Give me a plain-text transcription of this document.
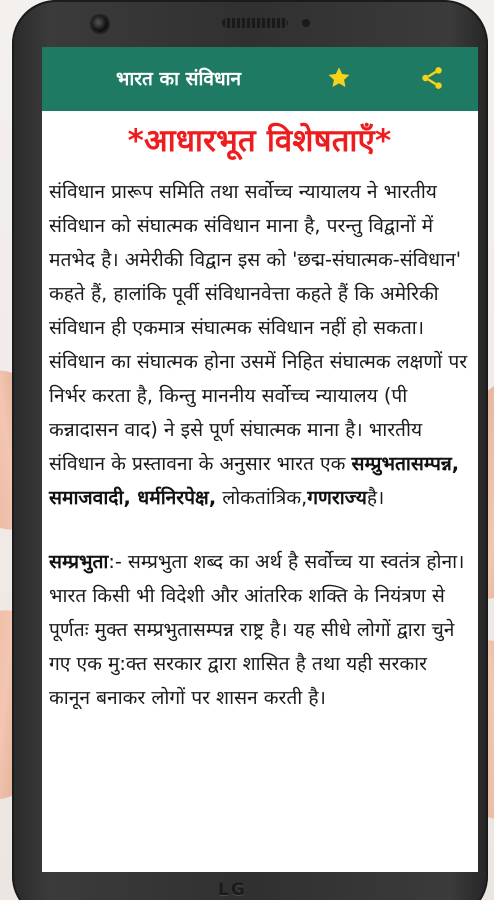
भारत का संविधान
*आधारभूत विशेषताएँ*

संविधान प्रारूप समिति तथा सर्वोच्च न्यायालय ने भारतीय संविधान को संघात्मक संविधान माना है, परन्तु विद्वानों में मतभेद है। अमेरीकी विद्वान इस को 'छद्म-संघात्मक-संविधान' कहते हैं, हालांकि पूर्वी संविधानवेत्ता कहते हैं कि अमेरिकी संविधान ही एकमात्र संघात्मक संविधान नहीं हो सकता। संविधान का संघात्मक होना उसमें निहित संघात्मक लक्षणों पर निर्भर करता है, किन्तु माननीय सर्वोच्च न्यायालय (पी कन्नादासन वाद) ने इसे पूर्ण संघात्मक माना है। भारतीय संविधान के प्रस्तावना के अनुसार भारत एक सम्प्रुभतासम्पन्न, समाजवादी, धर्मनिरपेक्ष, लोकतांत्रिक,गणराज्यहै।

सम्प्रभुता:- सम्प्रभुता शब्द का अर्थ है सर्वोच्च या स्वतंत्र होना। भारत किसी भी विदेशी और आंतरिक शक्ति के नियंत्रण से पूर्णतः मुक्त सम्प्रभुतासम्पन्न राष्ट्र है। यह सीधे लोगों द्वारा चुने गए एक मु:क्त सरकार द्वारा शासित है तथा यही सरकार कानून बनाकर लोगों पर शासन करती है।

LG
